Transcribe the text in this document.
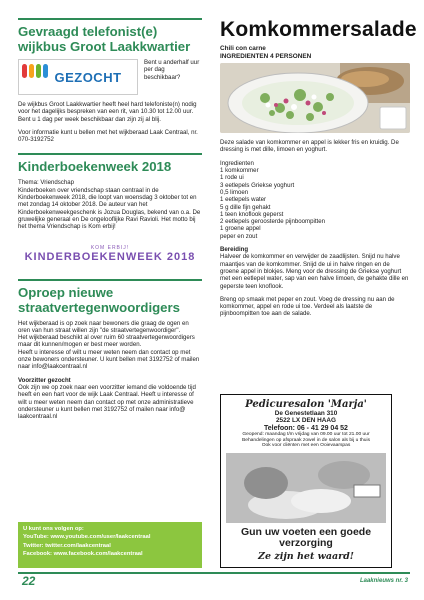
Gevraagd telefonist(e) wijkbus Groot Laakkwartier
GEZOCHT
Bent u anderhalf uur per dag beschikbaar?

De wijkbus Groot Laakkwartier heeft heel hard telefoniste(n) nodig voor het dagelijks bespreken van een rit, van 10.30 tot 12.00 uur. Bent u 1 dag per week beschikbaar dan zijn zij al blij.

Voor informatie kunt u bellen met het wijkberaad Laak Centraal, nr. 070-3192752

Kinderboekenweek 2018

Thema: Vriendschap
Kinderboeken over vriendschap staan centraal in de Kinderboekenweek 2018, die loopt van woensdag 3 oktober tot en met zondag 14 oktober 2018. De auteur van het Kinderboekenweekgeschenk is Jozua Douglas, bekend van o.a. De gruwelijke generaal en De ongelooflijke Ravi Ravioli. Het motto bij het thema Vriendschap is Kom erbij!

KOM ERBIJ!
KINDERBOEKENWEEK 2018
Oproep nieuwe straatvertegenwoordigers

Het wijkberaad is op zoek naar bewoners die graag de ogen en oren van hun straat willen zijn "de straatvertegenwoordiger".

Het wijkberaad beschikt al over ruim 60 straatvertegenwoordigers maar dit kunnen/mogen er best meer worden.

Heeft u interesse of wilt u meer weten neem dan contact op met onze bewoners ondersteuner. U kunt bellen met 3192752 of mailen naar info@laakcentraal.nl

Voorzitter gezocht

Ook zijn we op zoek naar een voorzitter iemand die voldoende tijd heeft en een hart voor de wijk Laak Centraal. Heeft u interesse of wilt u meer weten neem dan contact op met onze administratieve ondersteuner u kunt bellen met 3192752 of mailen naar info@ laakcentraal.nl

U kunt ons volgen op:
YouTube: www.youtube.com/user/laakcentraal
Twitter: twitter.com/laakcentraal
Facebook: www.facebook.com/laakcentraal
Komkommersalade
Chili con carne
INGREDIENTEN 4 PERSONEN

Deze salade van komkommer en appel is lekker fris en kruidig. De dressing is met dille, limoen en yoghurt.

Ingredienten

1 komkommer

1 rode ui

3 eetlepels Griekse yoghurt

0,5 limoen

1 eetlepels water

5 g dille fijn gehakt

1 teen knoflook geperst

2 eetlepels geroosterde pijnboompitten

1 groene appel

peper en zout

Bereiding

Halveer de komkommer en verwijder de zaadlijsten. Snijd nu halve maantjes van de komkommer. Snijd de ui in halve ringen en de groene appel in blokjes. Meng voor de dressing de Griekse yoghurt met een eetlepel water, sap van een halve limoen, de gehakte dille en geperste teen knoflook.

Breng op smaak met peper en zout. Voeg de dressing nu aan de komkommer, appel en rode ui toe. Verdeel als laatste de pijnboompitten toe aan de salade.

Pedicuresalon 'Marja'
De Genestetlaan 310
2522 LX DEN HAAG
Telefoon: 06 - 41 29 04 52
Geopend: maandag t/m vrijdag van 09.00 uur tot 21.00 uur
Behandelingen op afspraak zowel in de salon als bij u thuis
Ook voor cliënten met een Ooievaarspas
Gun uw voeten een goede verzorging
Ze zijn het waard!
22	Laaknieuws nr. 3
